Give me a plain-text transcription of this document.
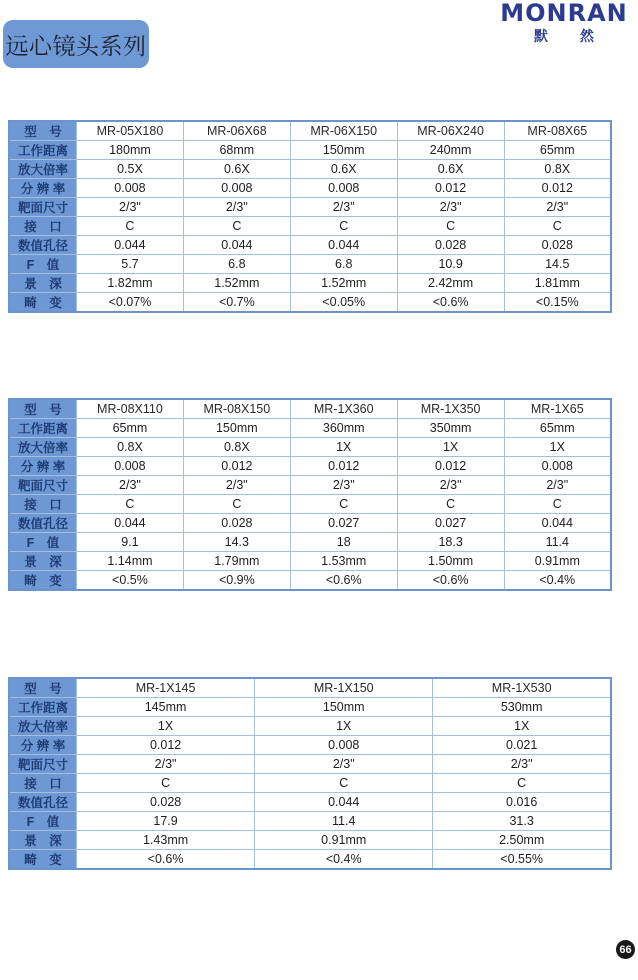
远心镜头系列
MONRAN
默 然
型　号	MR-05X180	MR-06X68	MR-06X150	MR-06X240	MR-08X65
工作距离	180mm	68mm	150mm	240mm	65mm
放大倍率	0.5X	0.6X	0.6X	0.6X	0.8X
分 辨 率	0.008	0.008	0.008	0.012	0.012
靶面尺寸	2/3"	2/3"	2/3"	2/3"	2/3"
接　口	C	C	C	C	C
数值孔径	0.044	0.044	0.044	0.028	0.028
F　值	5.7	6.8	6.8	10.9	14.5
景　深	1.82mm	1.52mm	1.52mm	2.42mm	1.81mm
畸　变	<0.07%	<0.7%	<0.05%	<0.6%	<0.15%
型　号	MR-08X110	MR-08X150	MR-1X360	MR-1X350	MR-1X65
工作距离	65mm	150mm	360mm	350mm	65mm
放大倍率	0.8X	0.8X	1X	1X	1X
分 辨 率	0.008	0.012	0.012	0.012	0.008
靶面尺寸	2/3"	2/3"	2/3"	2/3"	2/3"
接　口	C	C	C	C	C
数值孔径	0.044	0.028	0.027	0.027	0.044
F　值	9.1	14.3	18	18.3	11.4
景　深	1.14mm	1.79mm	1.53mm	1.50mm	0.91mm
畸　变	<0.5%	<0.9%	<0.6%	<0.6%	<0.4%
型　号	MR-1X145	MR-1X150	MR-1X530
工作距离	145mm	150mm	530mm
放大倍率	1X	1X	1X
分 辨 率	0.012	0.008	0.021
靶面尺寸	2/3"	2/3"	2/3"
接　口	C	C	C
数值孔径	0.028	0.044	0.016
F　值	17.9	11.4	31.3
景　深	1.43mm	0.91mm	2.50mm
畸　变	<0.6%	<0.4%	<0.55%
66
